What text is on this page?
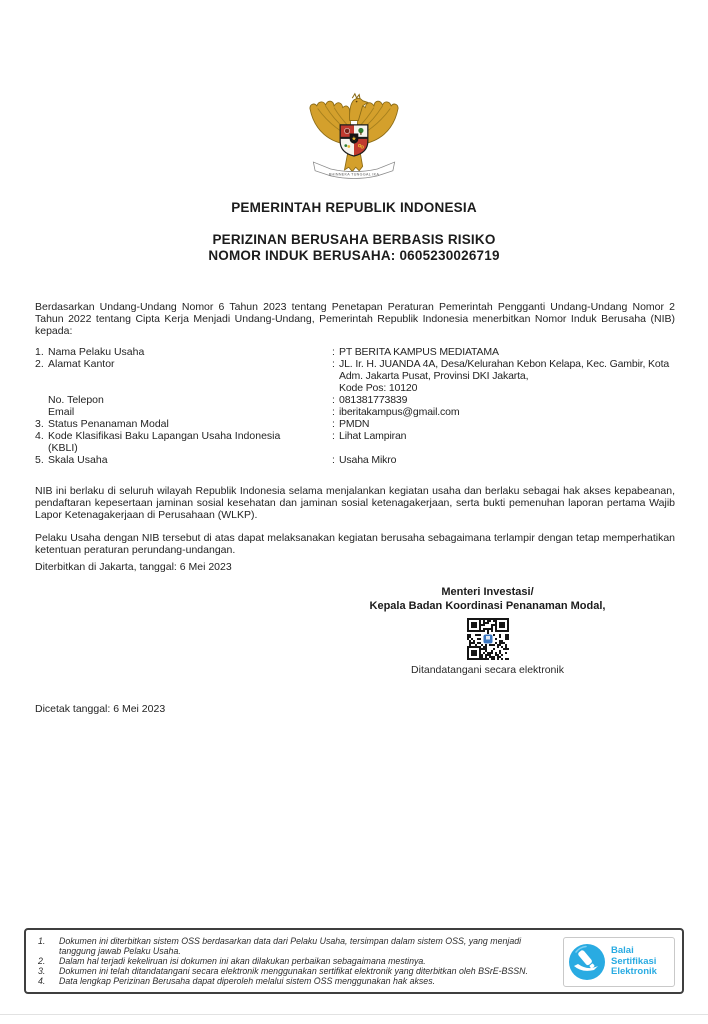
★
BHINNEKA TUNGGAL IKA
PEMERINTAH REPUBLIK INDONESIA
PERIZINAN BERUSAHA BERBASIS RISIKO
NOMOR INDUK BERUSAHA: 0605230026719

Berdasarkan Undang-Undang Nomor 6 Tahun 2023 tentang Penetapan Peraturan Pemerintah Pengganti Undang-Undang Nomor 2 Tahun 2022 tentang Cipta Kerja Menjadi Undang-Undang, Pemerintah Republik Indonesia menerbitkan Nomor Induk Berusaha (NIB) kepada:

1. Nama Pelaku Usaha	: PT BERITA KAMPUS MEDIATAMA
2. Alamat Kantor	: JL. Ir. H. JUANDA 4A, Desa/Kelurahan Kebon Kelapa, Kec. Gambir, Kota
Adm. Jakarta Pusat, Provinsi DKI Jakarta,
Kode Pos: 10120
No. Telepon	: 081381773839
Email	: iberitakampus@gmail.com
3. Status Penanaman Modal	: PMDN
4. Kode Klasifikasi Baku Lapangan Usaha Indonesia
(KBLI)
: Lihat Lampiran
5. Skala Usaha	: Usaha Mikro

NIB ini berlaku di seluruh wilayah Republik Indonesia selama menjalankan kegiatan usaha dan berlaku sebagai hak akses kepabeanan, pendaftaran kepesertaan jaminan sosial kesehatan dan jaminan sosial ketenagakerjaan, serta bukti pemenuhan laporan pertama Wajib Lapor Ketenagakerjaan di Perusahaan (WLKP).

Pelaku Usaha dengan NIB tersebut di atas dapat melaksanakan kegiatan berusaha sebagaimana terlampir dengan tetap memperhatikan ketentuan peraturan perundang-undangan.

Diterbitkan di Jakarta, tanggal: 6 Mei 2023
Menteri Investasi/
Kepala Badan Koordinasi Penanaman Modal,
Ditandatangani secara elektronik
Dicetak tanggal: 6 Mei 2023
1.	Dokumen ini diterbitkan sistem OSS berdasarkan data dari Pelaku Usaha, tersimpan dalam sistem OSS, yang menjadi tanggung jawab Pelaku Usaha.
2.	Dalam hal terjadi kekeliruan isi dokumen ini akan dilakukan perbaikan sebagaimana mestinya.
3.	Dokumen ini telah ditandatangani secara elektronik menggunakan sertifikat elektronik yang diterbitkan oleh BSrE-BSSN.
4.	Data lengkap Perizinan Berusaha dapat diperoleh melalui sistem OSS menggunakan hak akses.
Balai
Sertifikasi
Elektronik
